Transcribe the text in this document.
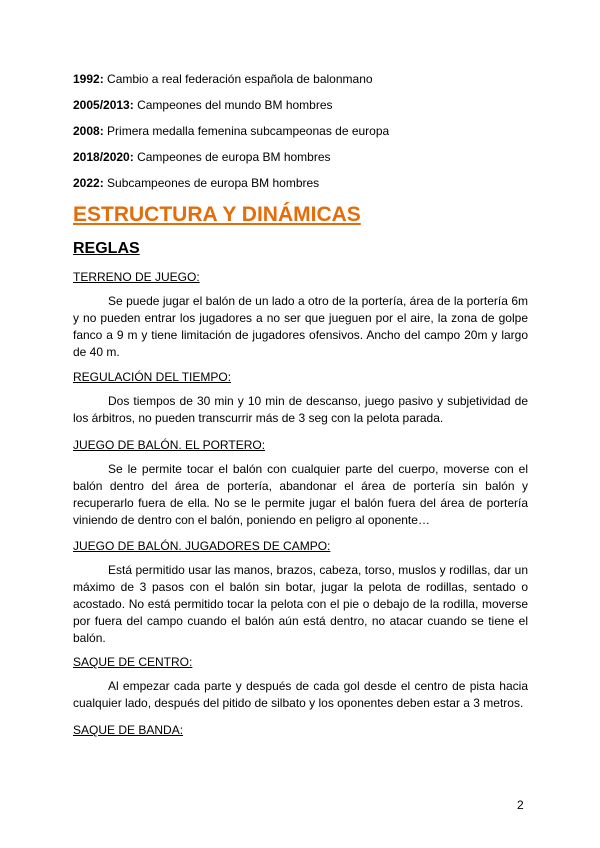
1992: Cambio a real federación española de balonmano
2005/2013: Campeones del mundo BM hombres
2008: Primera medalla femenina subcampeonas de europa
2018/2020: Campeones de europa BM hombres
2022: Subcampeones de europa BM hombres
ESTRUCTURA Y DINÁMICAS
REGLAS
TERRENO DE JUEGO:
Se puede jugar el balón de un lado a otro de la portería, área de la portería 6m y no pueden entrar los jugadores a no ser que jueguen por el aire, la zona de golpe fanco a 9 m y tiene limitación de jugadores ofensivos. Ancho del campo 20m y largo de 40 m.
REGULACIÓN DEL TIEMPO:
Dos tiempos de 30 min y 10 min de descanso, juego pasivo y subjetividad de los árbitros, no pueden transcurrir más de 3 seg con la pelota parada.
JUEGO DE BALÓN. EL PORTERO:
Se le permite tocar el balón con cualquier parte del cuerpo, moverse con el balón dentro del área de portería, abandonar el área de portería sin balón y recuperarlo fuera de ella. No se le permite jugar el balón fuera del área de portería viniendo de dentro con el balón, poniendo en peligro al oponente…
JUEGO DE BALÓN. JUGADORES DE CAMPO:
Está permitido usar las manos, brazos, cabeza, torso, muslos y rodillas, dar un máximo de 3 pasos con el balón sin botar, jugar la pelota de rodillas, sentado o acostado. No está permitido tocar la pelota con el pie o debajo de la rodilla, moverse por fuera del campo cuando el balón aún está dentro, no atacar cuando se tiene el balón.
SAQUE DE CENTRO:
Al empezar cada parte y después de cada gol desde el centro de pista hacia cualquier lado, después del pitido de silbato y los oponentes deben estar a 3 metros.
SAQUE DE BANDA:
2
